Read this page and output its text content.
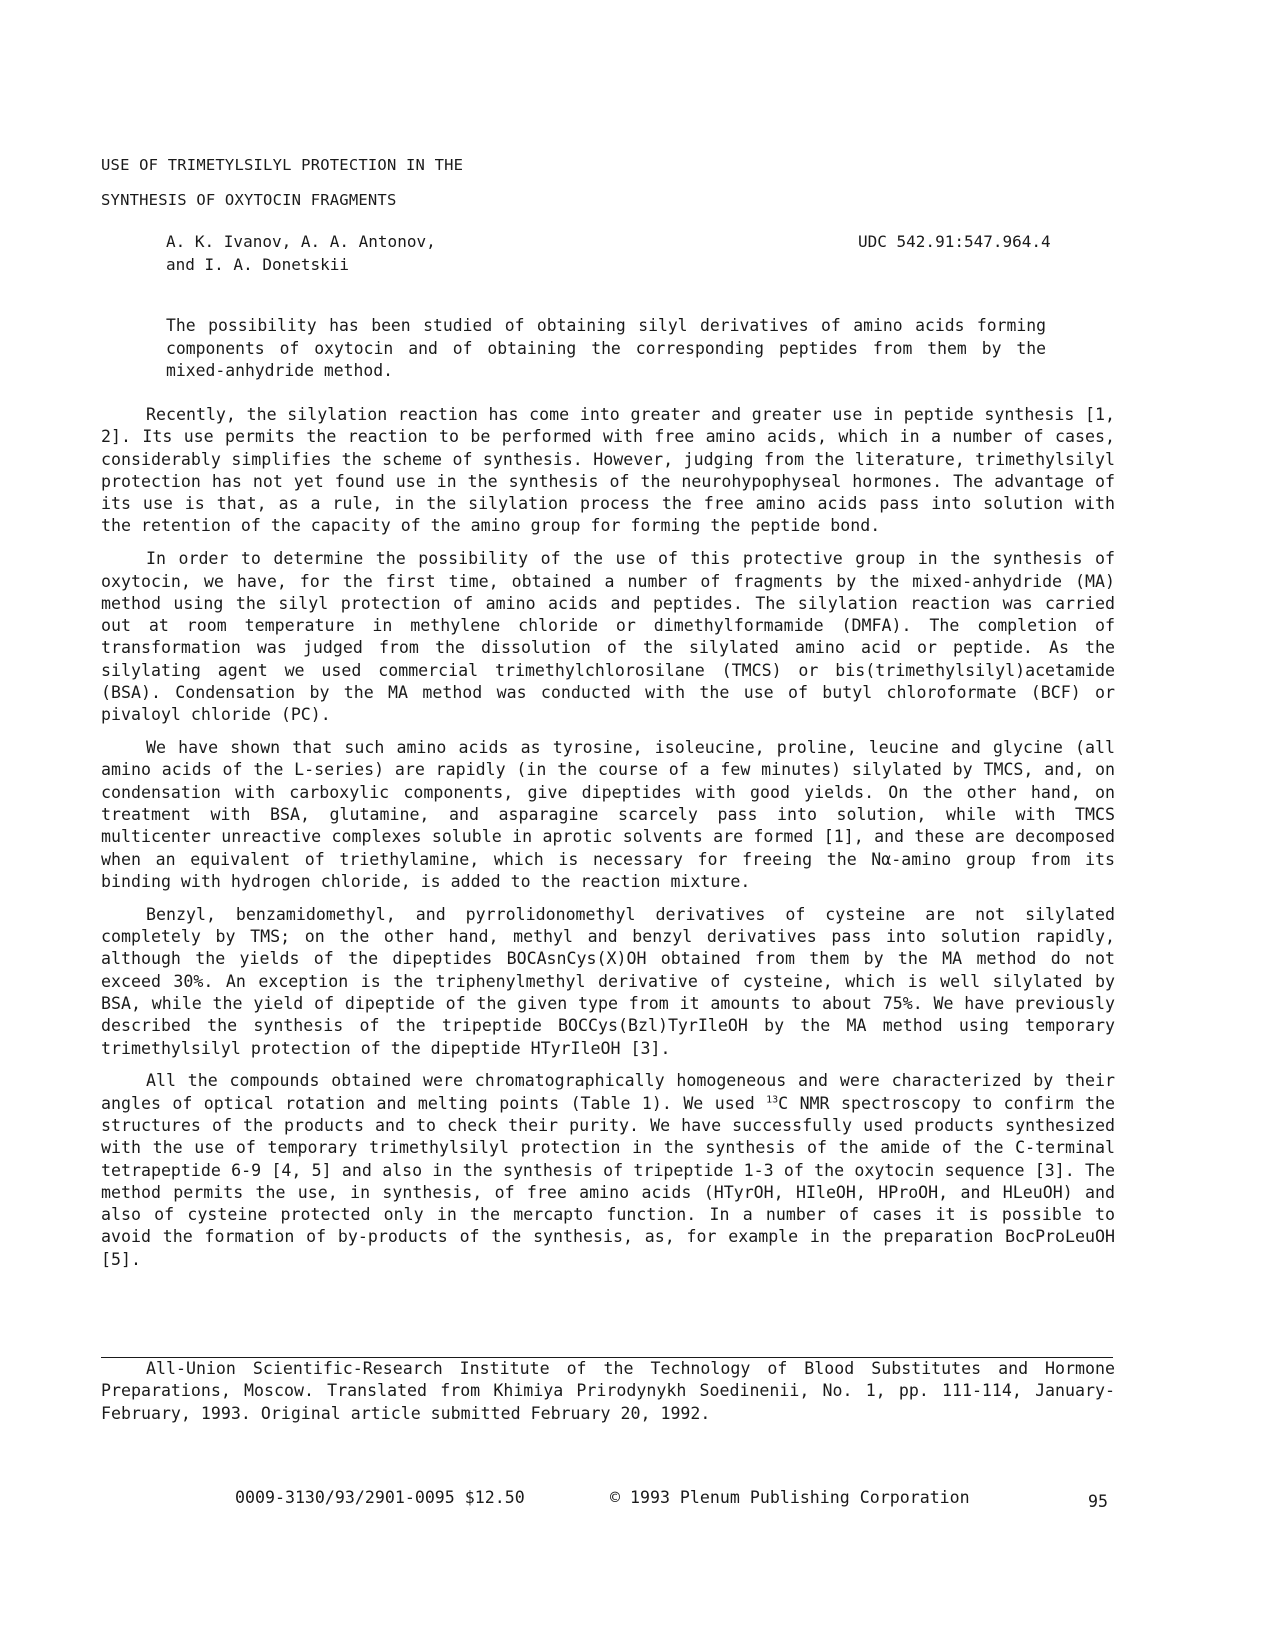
USE OF TRIMETYLSILYL PROTECTION IN THE
SYNTHESIS OF OXYTOCIN FRAGMENTS
A. K. Ivanov, A. A. Antonov,
and I. A. Donetskii
UDC 542.91:547.964.4

The possibility has been studied of obtaining silyl derivatives of amino acids forming components of oxytocin and of obtaining the corresponding peptides from them by the mixed-anhydride method.

Recently, the silylation reaction has come into greater and greater use in peptide synthesis [1, 2]. Its use permits the reaction to be performed with free amino acids, which in a number of cases, considerably simplifies the scheme of synthesis. However, judging from the literature, trimethylsilyl protection has not yet found use in the synthesis of the neurohypophyseal hormones. The advantage of its use is that, as a rule, in the silylation process the free amino acids pass into solution with the retention of the capacity of the amino group for forming the peptide bond.

In order to determine the possibility of the use of this protective group in the synthesis of oxytocin, we have, for the first time, obtained a number of fragments by the mixed-anhydride (MA) method using the silyl protection of amino acids and peptides. The silylation reaction was carried out at room temperature in methylene chloride or dimethylformamide (DMFA). The completion of transformation was judged from the dissolution of the silylated amino acid or peptide. As the silylating agent we used commercial trimethylchlorosilane (TMCS) or bis(trimethylsilyl)acetamide (BSA). Condensation by the MA method was conducted with the use of butyl chloroformate (BCF) or pivaloyl chloride (PC).

We have shown that such amino acids as tyrosine, isoleucine, proline, leucine and glycine (all amino acids of the L-series) are rapidly (in the course of a few minutes) silylated by TMCS, and, on condensation with carboxylic components, give dipeptides with good yields. On the other hand, on treatment with BSA, glutamine, and asparagine scarcely pass into solution, while with TMCS multicenter unreactive complexes soluble in aprotic solvents are formed [1], and these are decomposed when an equivalent of triethylamine, which is necessary for freeing the Nα-amino group from its binding with hydrogen chloride, is added to the reaction mixture.

Benzyl, benzamidomethyl, and pyrrolidonomethyl derivatives of cysteine are not silylated completely by TMS; on the other hand, methyl and benzyl derivatives pass into solution rapidly, although the yields of the dipeptides BOCAsnCys(X)OH obtained from them by the MA method do not exceed 30%. An exception is the triphenylmethyl derivative of cysteine, which is well silylated by BSA, while the yield of dipeptide of the given type from it amounts to about 75%. We have previously described the synthesis of the tripeptide BOCCys(Bzl)TyrIleOH by the MA method using temporary trimethylsilyl protection of the dipeptide HTyrIleOH [3].

All the compounds obtained were chromatographically homogeneous and were characterized by their angles of optical rotation and melting points (Table 1). We used $^{13}$C NMR spectroscopy to confirm the structures of the products and to check their purity. We have successfully used products synthesized with the use of temporary trimethylsilyl protection in the synthesis of the amide of the C-terminal tetrapeptide 6-9 [4, 5] and also in the synthesis of tripeptide 1-3 of the oxytocin sequence [3]. The method permits the use, in synthesis, of free amino acids (HTyrOH, HIleOH, HProOH, and HLeuOH) and also of cysteine protected only in the mercapto function. In a number of cases it is possible to avoid the formation of by-products of the synthesis, as, for example in the preparation BocProLeuOH [5].

All-Union Scientific-Research Institute of the Technology of Blood Substitutes and Hormone Preparations, Moscow. Translated from Khimiya Prirodynykh Soedinenii, No. 1, pp. 111-114, January-February, 1993. Original article submitted February 20, 1992.

0009-3130/93/2901-0095 $12.50	© 1993 Plenum Publishing Corporation	95
